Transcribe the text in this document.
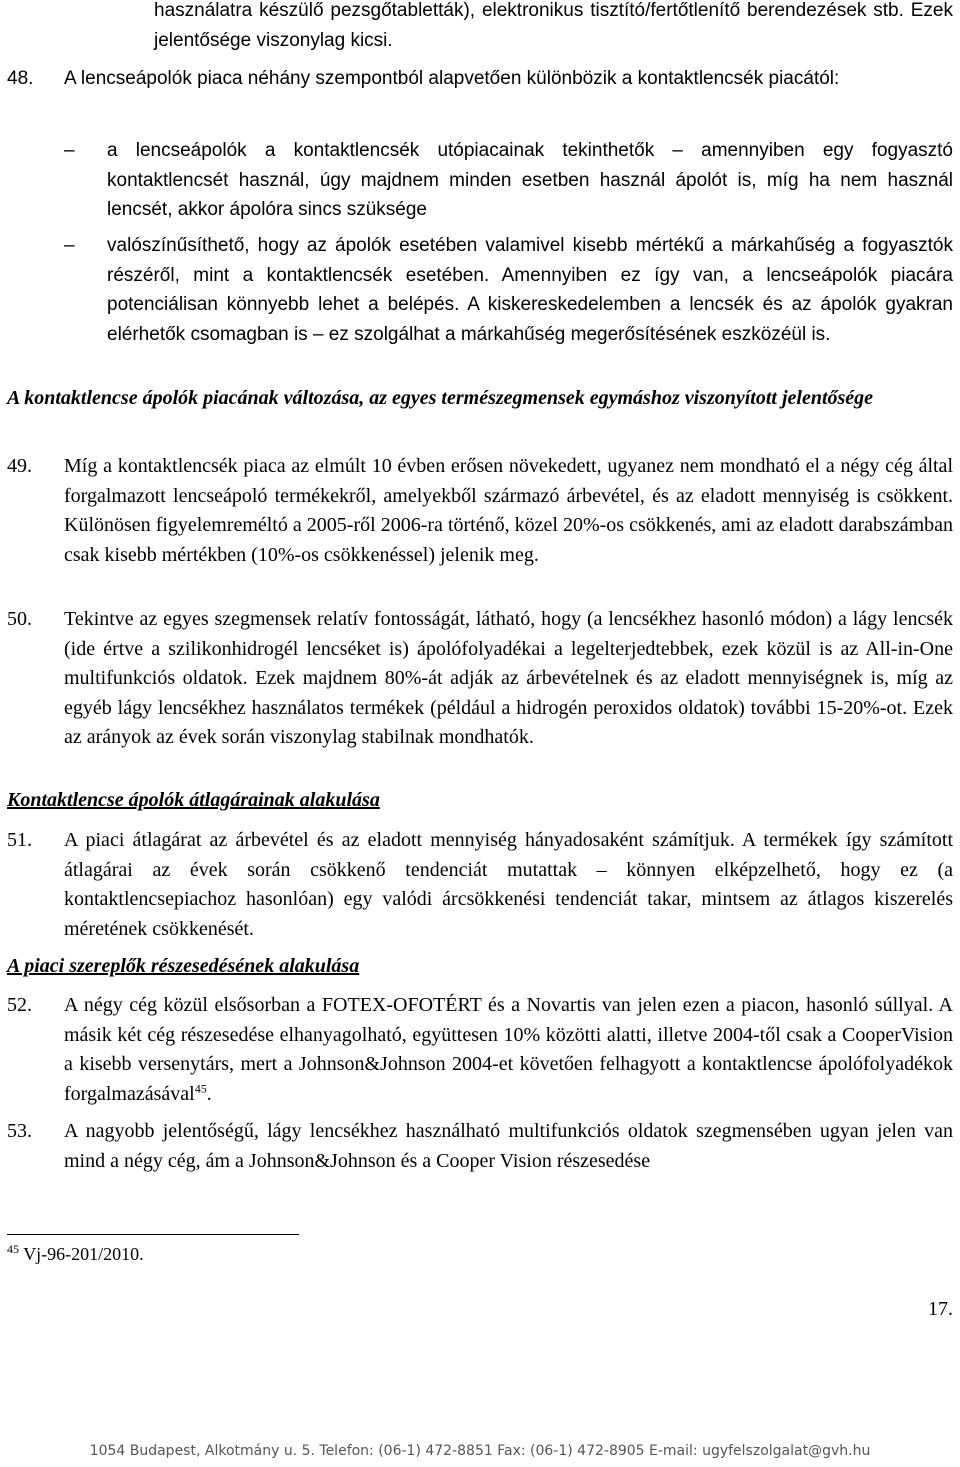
használatra készülő pezsgőtabletták), elektronikus tisztító/fertőtlenítő berendezések stb. Ezek jelentősége viszonylag kicsi.
48. A lencseápolók piaca néhány szempontból alapvetően különbözik a kontaktlencsék piacától:
– a lencseápolók a kontaktlencsék utópiacainak tekinthetők – amennyiben egy fogyasztó kontaktlencsét használ, úgy majdnem minden esetben használ ápolót is, míg ha nem használ lencsét, akkor ápolóra sincs szüksége
– valószínűsíthető, hogy az ápolók esetében valamivel kisebb mértékű a márkahűség a fogyasztók részéről, mint a kontaktlencsék esetében. Amennyiben ez így van, a lencseápolók piacára potenciálisan könnyebb lehet a belépés. A kiskereskedelemben a lencsék és az ápolók gyakran elérhetők csomagban is – ez szolgálhat a márkahűség megerősítésének eszközéül is.
A kontaktlencse ápolók piacának változása, az egyes természegmensek egymáshoz viszonyított jelentősége
49. Míg a kontaktlencsék piaca az elmúlt 10 évben erősen növekedett, ugyanez nem mondható el a négy cég által forgalmazott lencseápoló termékekről, amelyekből származó árbevétel, és az eladott mennyiség is csökkent. Különösen figyelemreméltó a 2005-ről 2006-ra történő, közel 20%-os csökkenés, ami az eladott darabszámban csak kisebb mértékben (10%-os csökkenéssel) jelenik meg.
50. Tekintve az egyes szegmensek relatív fontosságát, látható, hogy (a lencsékhez hasonló módon) a lágy lencsék (ide értve a szilikonhidrogél lencséket is) ápolófolyadékai a legelterjedtebbek, ezek közül is az All-in-One multifunkciós oldatok. Ezek majdnem 80%-át adják az árbevételnek és az eladott mennyiségnek is, míg az egyéb lágy lencsékhez használatos termékek (például a hidrogén peroxidos oldatok) további 15-20%-ot. Ezek az arányok az évek során viszonylag stabilnak mondhatók.
Kontaktlencse ápolók átlagárainak alakulása
51. A piaci átlagárat az árbevétel és az eladott mennyiség hányadosaként számítjuk. A termékek így számított átlagárai az évek során csökkenő tendenciát mutattak – könnyen elképzelhető, hogy ez (a kontaktlencsepiachoz hasonlóan) egy valódi árcsökkenési tendenciát takar, mintsem az átlagos kiszerelés méretének csökkenését.
A piaci szereplők részesedésének alakulása
52. A négy cég közül elsősorban a FOTEX-OFOTÉRT és a Novartis van jelen ezen a piacon, hasonló súllyal. A másik két cég részesedése elhanyagolható, együttesen 10% közötti alatti, illetve 2004-től csak a CooperVision a kisebb versenytárs, mert a Johnson&Johnson 2004-et követően felhagyott a kontaktlencse ápolófolyadékok forgalmazásával$^{45}$.
53. A nagyobb jelentőségű, lágy lencsékhez használható multifunkciós oldatok szegmensében ugyan jelen van mind a négy cég, ám a Johnson&Johnson és a Cooper Vision részesedése
$^{45}$ Vj-96-201/2010.
17.
1054 Budapest, Alkotmány u. 5. Telefon: (06-1) 472-8851 Fax: (06-1) 472-8905 E-mail: ugyfelszolgalat@gvh.hu
